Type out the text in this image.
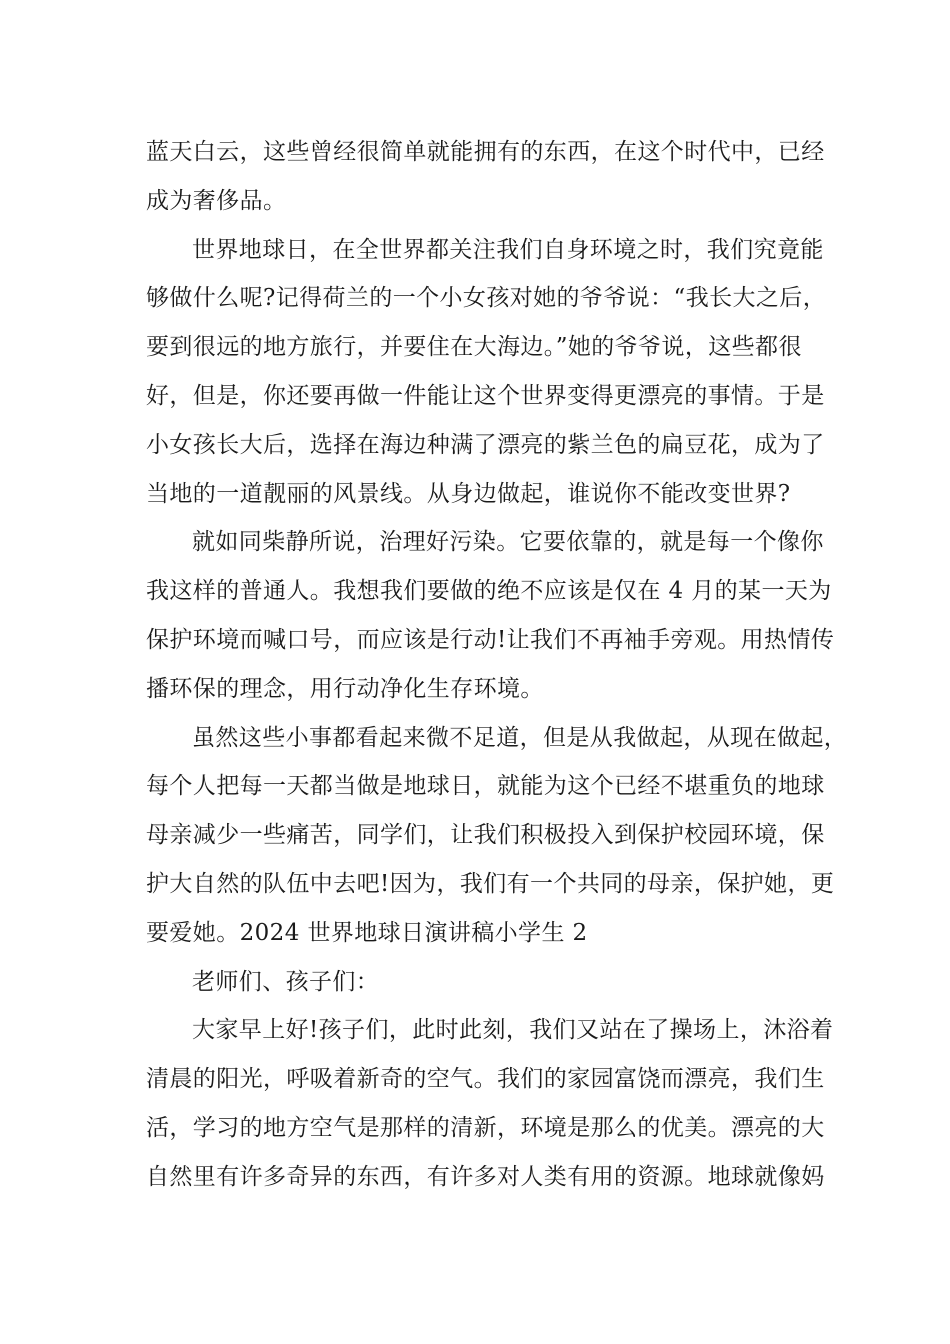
蓝天白云，这些曾经很简单就能拥有的东西，在这个时代中，已经
成为奢侈品。

世界地球日，在全世界都关注我们自身环境之时，我们究竟能
够做什么呢?记得荷兰的一个小女孩对她的爷爷说：“我长大之后，
要到很远的地方旅行，并要住在大海边。”她的爷爷说，这些都很
好，但是，你还要再做一件能让这个世界变得更漂亮的事情。于是
小女孩长大后，选择在海边种满了漂亮的紫兰色的扁豆花，成为了
当地的一道靓丽的风景线。从身边做起，谁说你不能改变世界?

就如同柴静所说，治理好污染。它要依靠的，就是每一个像你
我这样的普通人。我想我们要做的绝不应该是仅在 4 月的某一天为
保护环境而喊口号，而应该是行动!让我们不再袖手旁观。用热情传
播环保的理念，用行动净化生存环境。

虽然这些小事都看起来微不足道，但是从我做起，从现在做起，
每个人把每一天都当做是地球日，就能为这个已经不堪重负的地球
母亲减少一些痛苦，同学们，让我们积极投入到保护校园环境，保
护大自然的队伍中去吧!因为，我们有一个共同的母亲，保护她，更
要爱她。2024 世界地球日演讲稿小学生 2

老师们、孩子们：

大家早上好!孩子们，此时此刻，我们又站在了操场上，沐浴着
清晨的阳光，呼吸着新奇的空气。我们的家园富饶而漂亮，我们生
活，学习的地方空气是那样的清新，环境是那么的优美。漂亮的大
自然里有许多奇异的东西，有许多对人类有用的资源。地球就像妈
